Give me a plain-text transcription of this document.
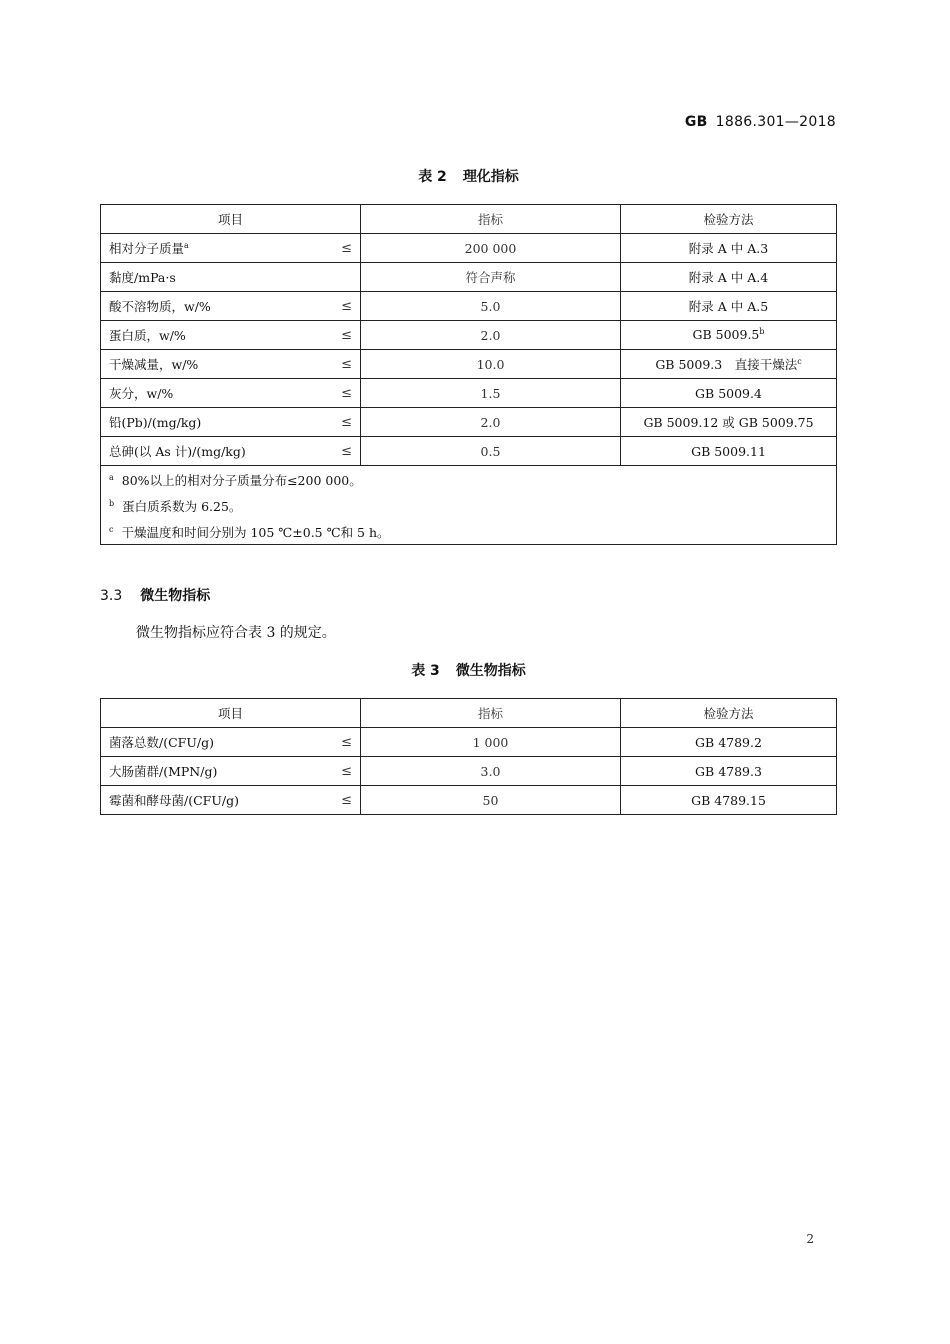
GB 1886.301—2018
表 2 理化指标
项目	指标	检验方法

相对分子质量$^a$ ≤	200 000	附录 A 中 A.3

黏度/mPa·s	符合声称	附录 A 中 A.4

酸不溶物质，w/% ≤	5.0	附录 A 中 A.5

蛋白质，w/% ≤	2.0	GB 5009.5$^b$

干燥减量，w/% ≤	10.0	GB 5009.3　直接干燥法$^c$

灰分，w/% ≤	1.5	GB 5009.4

铅(Pb)/(mg/kg) ≤	2.0	GB 5009.12 或 GB 5009.75

总砷(以 As 计)/(mg/kg) ≤	0.5	GB 5009.11

$^a$ 80%以上的相对分子质量分布≤200 000。
$^b$ 蛋白质系数为 6.25。
$^c$ 干燥温度和时间分别为 105 ℃±0.5 ℃和 5 h。		
3.3 微生物指标
微生物指标应符合表 3 的规定。
表 3 微生物指标
项目	指标	检验方法

菌落总数/(CFU/g) ≤	1 000	GB 4789.2

大肠菌群/(MPN/g) ≤	3.0	GB 4789.3

霉菌和酵母菌/(CFU/g) ≤	50	GB 4789.15
2
